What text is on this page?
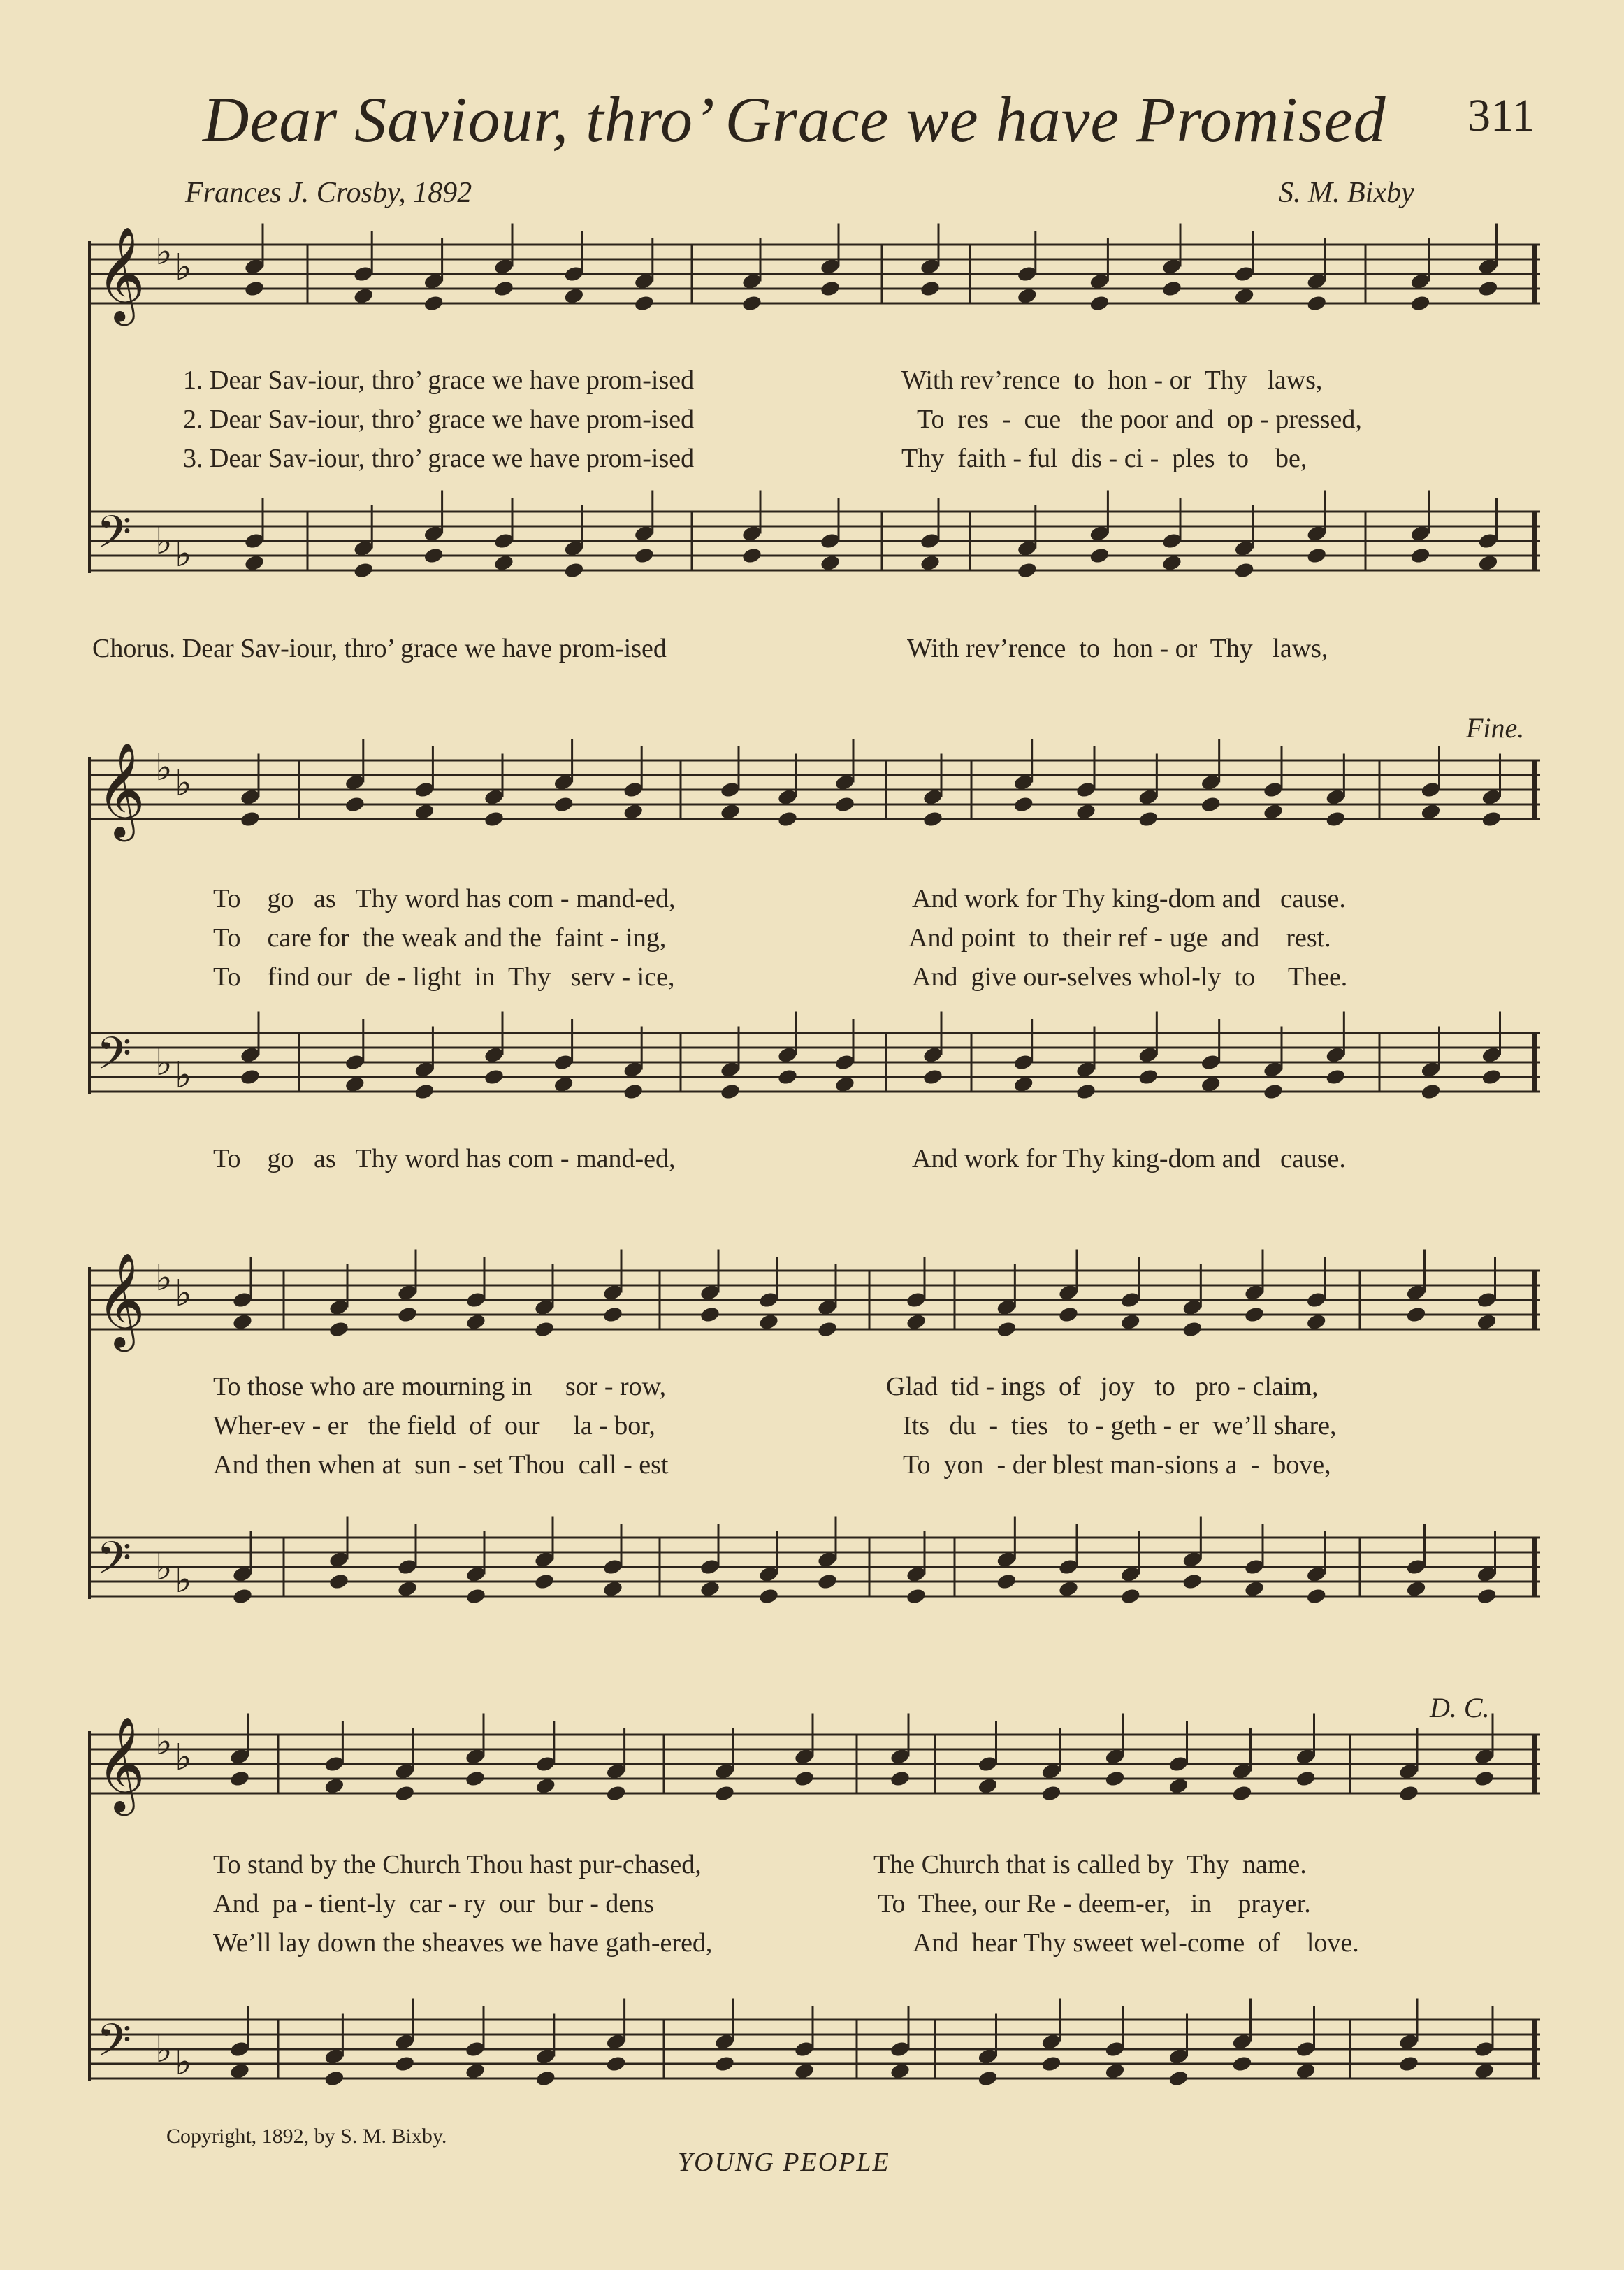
Dear Saviour, thro’ Grace we have Promised	311
Frances J. Crosby, 1892	S. M. Bixby
Fine.
D. C.
𝄞 ♭ ♭
𝄢 ♭ ♭
𝄞 ♭ ♭
𝄢 ♭ ♭
𝄞 ♭ ♭
𝄢 ♭ ♭
𝄞 ♭ ♭
𝄢 ♭ ♭
1. Dear Sav-iour, thro’ grace we have prom-ised	With rev’rence  to  hon - or  Thy   laws,
2. Dear Sav-iour, thro’ grace we have prom-ised	To  res  -  cue   the poor and  op - pressed,
3. Dear Sav-iour, thro’ grace we have prom-ised	Thy  faith - ful  dis - ci -  ples  to    be,
Chorus. Dear Sav-iour, thro’ grace we have prom-ised	With rev’rence  to  hon - or  Thy   laws,
To    go   as   Thy word has com - mand-ed,	And work for Thy king-dom and   cause.
To    care for  the weak and the  faint - ing,	And point  to  their ref - uge  and    rest.
To    find our  de - light  in  Thy   serv - ice,	And  give our-selves whol-ly  to     Thee.
To    go   as   Thy word has com - mand-ed,	And work for Thy king-dom and   cause.
To those who are mourning in     sor - row,	Glad  tid - ings  of   joy   to   pro - claim,
Wher-ev - er   the field  of  our     la - bor,	Its   du  -  ties   to - geth - er  we’ll share,
And then when at  sun - set Thou  call - est	To  yon  - der blest man-sions a  -  bove,
To stand by the Church Thou hast pur-chased,	The Church that is called by  Thy  name.
And  pa - tient-ly  car - ry  our  bur - dens	To  Thee, our Re - deem-er,   in    prayer.
We’ll lay down the sheaves we have gath-ered,	And  hear Thy sweet wel-come  of    love.
Copyright, 1892, by S. M. Bixby.
YOUNG PEOPLE
